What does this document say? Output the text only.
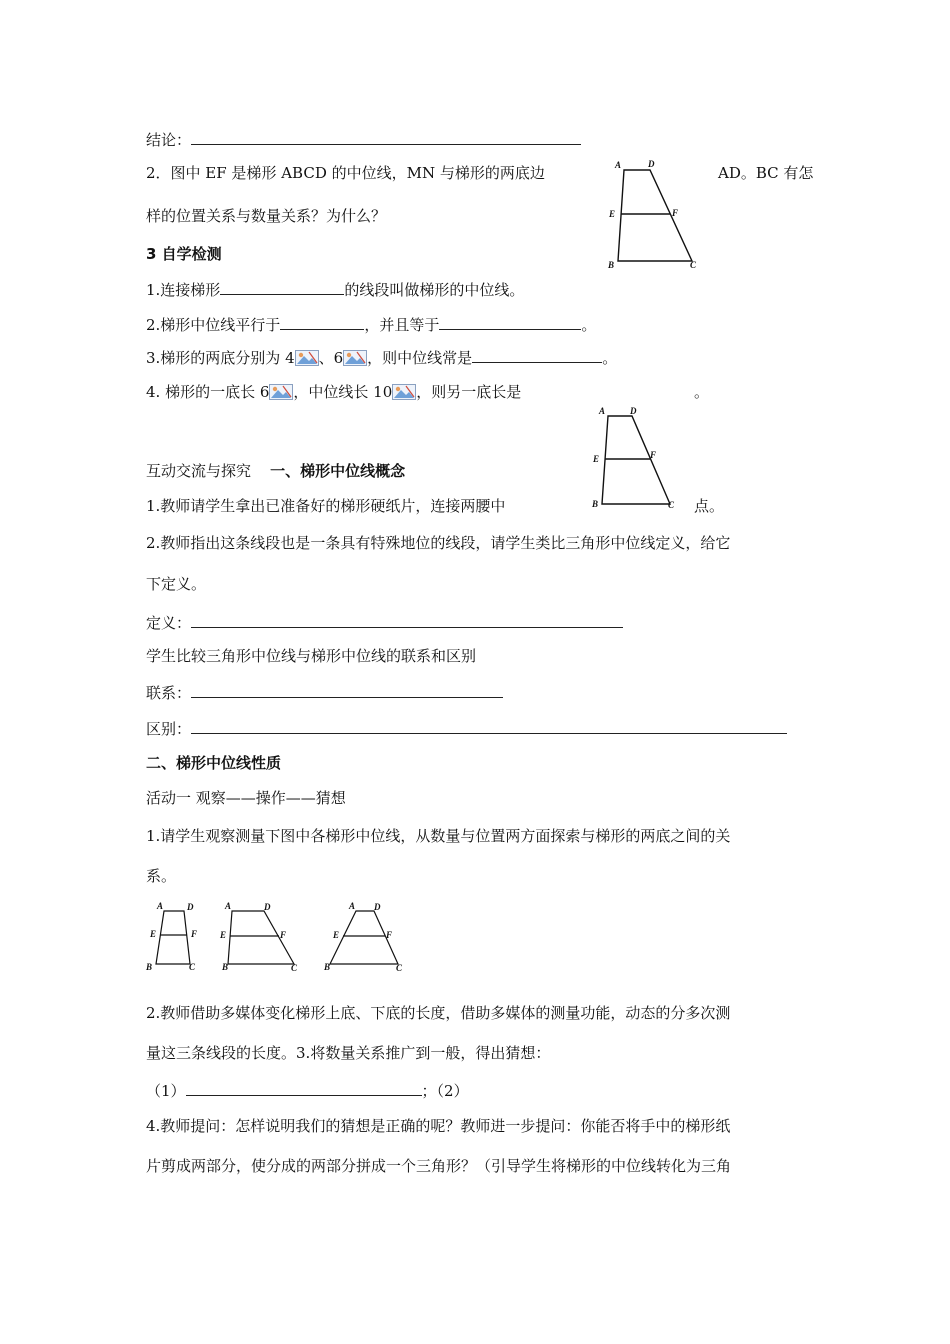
结论：
2．图中 EF 是梯形 ABCD 的中位线，MN 与梯形的两底边	AD。BC 有怎
样的位置关系与数量关系？为什么？
A	D
E	F
B	C
3 自学检测
1.连接梯形	的线段叫做梯形的中位线。
2.梯形中位线平行于	，并且等于	。
3.梯形的两底分别为 4 、6 ，则中位线常是	。
4. 梯形的一底长 6 ，中位线长 10 ，则另一底长是	。
A	D
E	F
B	C
互动交流与探究 一、梯形中位线概念
1.教师请学生拿出已准备好的梯形硬纸片，连接两腰中	点。
2.教师指出这条线段也是一条具有特殊地位的线段，请学生类比三角形中位线定义，给它
下定义。
定义：
学生比较三角形中位线与梯形中位线的联系和区别
联系：
区别：
二、梯形中位线性质
活动一 观察——操作——猜想
1.请学生观察测量下图中各梯形中位线，从数量与位置两方面探索与梯形的两底之间的关
系。
A	D
E	F
B	C
A	D
E	F
B	C
A D
E	F
B	C
2.教师借助多媒体变化梯形上底、下底的长度，借助多媒体的测量功能，动态的分多次测
量这三条线段的长度。3.将数量关系推广到一般，得出猜想：
（1）	；（2）
4.教师提问：怎样说明我们的猜想是正确的呢？教师进一步提问：你能否将手中的梯形纸
片剪成两部分，使分成的两部分拼成一个三角形？（引导学生将梯形的中位线转化为三角
